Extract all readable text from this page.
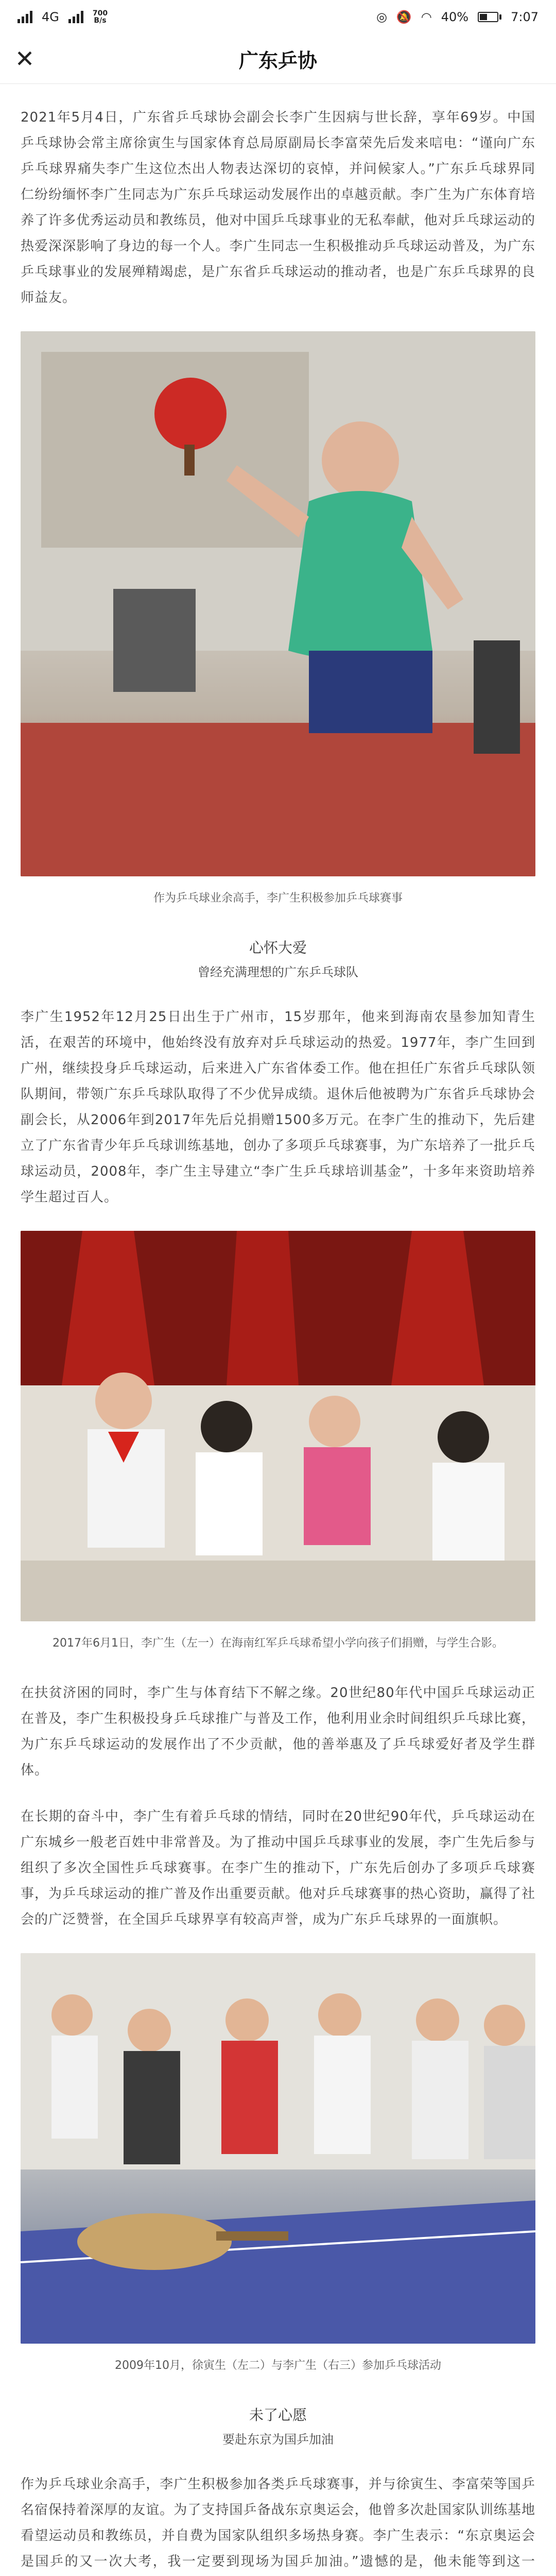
4G	700
B/s	◎ 🔕 ◠ 40%	7:07
✕	广东乒协

2021年5月4日，广东省乒乓球协会副会长李广生因病与世长辞，享年69岁。中国乒乓球协会常主席徐寅生与国家体育总局原副局长李富荣先后发来唁电：“谨向广东乒乓球界痛失李广生这位杰出人物表达深切的哀悼，并问候家人。”广东乒乓球界同仁纷纷缅怀李广生同志为广东乒乓球运动发展作出的卓越贡献。李广生为广东体育培养了许多优秀运动员和教练员，他对中国乒乓球事业的无私奉献，他对乒乓球运动的热爱深深影响了身边的每一个人。李广生同志一生积极推动乒乓球运动普及，为广东乒乓球事业的发展殚精竭虑，是广东省乒乓球运动的推动者，也是广东乒乓球界的良师益友。

作为乒乓球业余高手，李广生积极参加乒乓球赛事
心怀大爱
曾经充满理想的广东乒乓球队

李广生1952年12月25日出生于广州市，15岁那年，他来到海南农垦参加知青生活，在艰苦的环境中，他始终没有放弃对乒乓球运动的热爱。1977年，李广生回到广州，继续投身乒乓球运动，后来进入广东省体委工作。他在担任广东省乒乓球队领队期间，带领广东乒乓球队取得了不少优异成绩。退休后他被聘为广东省乒乓球协会副会长，从2006年到2017年先后兑捐赠1500多万元。在李广生的推动下，先后建立了广东省青少年乒乓球训练基地，创办了多项乒乓球赛事，为广东培养了一批乒乓球运动员，2008年，李广生主导建立“李广生乒乓球培训基金”，十多年来资助培养学生超过百人。

2017年6月1日，李广生（左一）在海南红军乒乓球希望小学向孩子们捐赠，与学生合影。

在扶贫济困的同时，李广生与体育结下不解之缘。20世纪80年代中国乒乓球运动正在普及，李广生积极投身乒乓球推广与普及工作，他利用业余时间组织乒乓球比赛，为广东乒乓球运动的发展作出了不少贡献，他的善举惠及了乒乓球爱好者及学生群体。

在长期的奋斗中，李广生有着乒乓球的情结，同时在20世纪90年代，乒乓球运动在广东城乡一般老百姓中非常普及。为了推动中国乒乓球事业的发展，李广生先后参与组织了多次全国性乒乓球赛事。在李广生的推动下，广东先后创办了多项乒乓球赛事，为乒乓球运动的推广普及作出重要贡献。他对乒乓球赛事的热心资助，赢得了社会的广泛赞誉，在全国乒乓球界享有较高声誉，成为广东乒乓球界的一面旗帜。

2009年10月，徐寅生（左二）与李广生（右三）参加乒乓球活动
未了心愿
要赴东京为国乒加油

作为乒乓球业余高手，李广生积极参加各类乒乓球赛事，并与徐寅生、李富荣等国乒名宿保持着深厚的友谊。为了支持国乒备战东京奥运会，他曾多次赴国家队训练基地看望运动员和教练员，并自费为国家队组织多场热身赛。李广生表示：“东京奥运会是国乒的又一次大考，我一定要到现场为国乒加油。”遗憾的是，他未能等到这一
